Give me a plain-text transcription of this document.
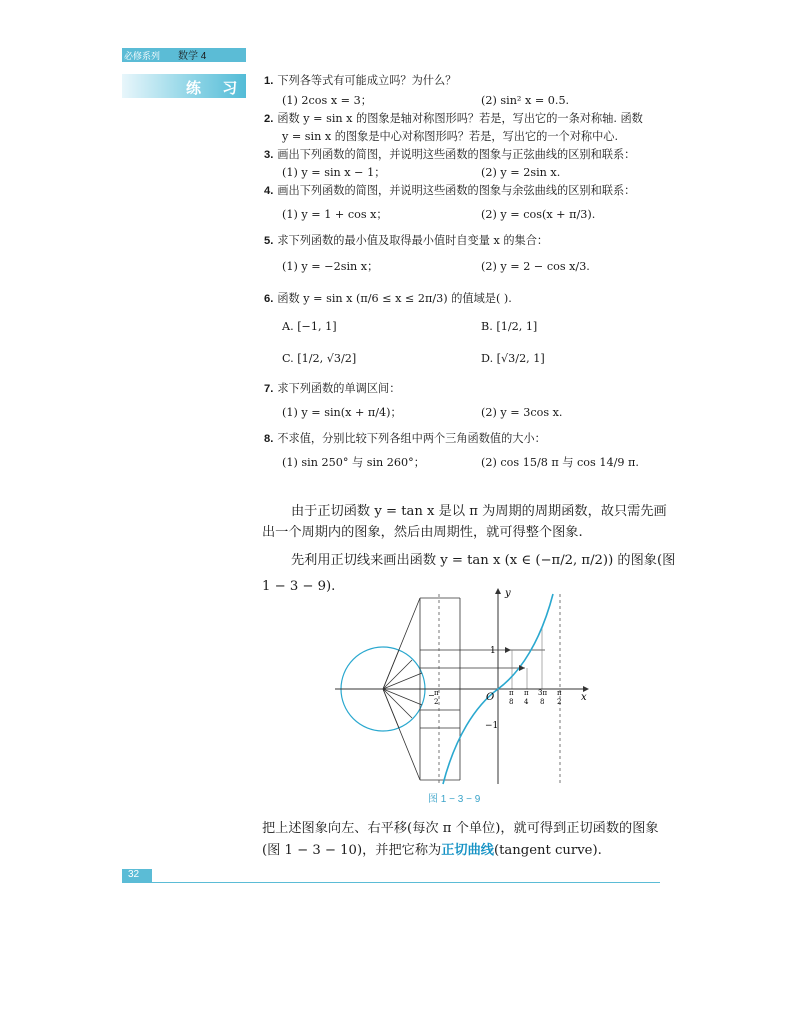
必修系列 数学 4
练 习 1. 下列各等式有可能成立吗？为什么？
(1) 2cos x = 3；	(2) sin² x = 0.5.
2. 函数 y = sin x 的图象是轴对称图形吗？若是，写出它的一条对称轴. 函数
y = sin x 的图象是中心对称图形吗？若是，写出它的一个对称中心.
3. 画出下列函数的简图，并说明这些函数的图象与正弦曲线的区别和联系：
(1) y = sin x − 1；	(2) y = 2sin x.
4. 画出下列函数的简图，并说明这些函数的图象与余弦曲线的区别和联系：
(1) y = 1 + cos x；	(2) y = cos(x + π/3).
5. 求下列函数的最小值及取得最小值时自变量 x 的集合：
(1) y = −2sin x；	(2) y = 2 − cos x/3.
6. 函数 y = sin x (π/6 ≤ x ≤ 2π/3) 的值域是( ).
A. [−1, 1]	B. [1/2, 1]
C. [1/2, √3/2]	D. [√3/2, 1]
7. 求下列函数的单调区间：
(1) y = sin(x + π/4)；	(2) y = 3cos x.
8. 不求值，分别比较下列各组中两个三角函数值的大小：
(1) sin 250° 与 sin 260°；	(2) cos 15/8 π 与 cos 14/9 π.
由于正切函数 y = tan x 是以 π 为周期的周期函数，故只需先画
出一个周期内的图象，然后由周期性，就可得整个图象.
先利用正切线来画出函数 y = tan x (x ∈ (−π/2, π/2)) 的图象(图
1 − 3 − 9).	y
x
O
1
−1
− π
2
π
8
π
4
3π
8
π
2
图 1 − 3 − 9
把上述图象向左、右平移(每次 π 个单位)，就可得到正切函数的图象
(图 1 − 3 − 10)，并把它称为正切曲线(tangent curve).
32
